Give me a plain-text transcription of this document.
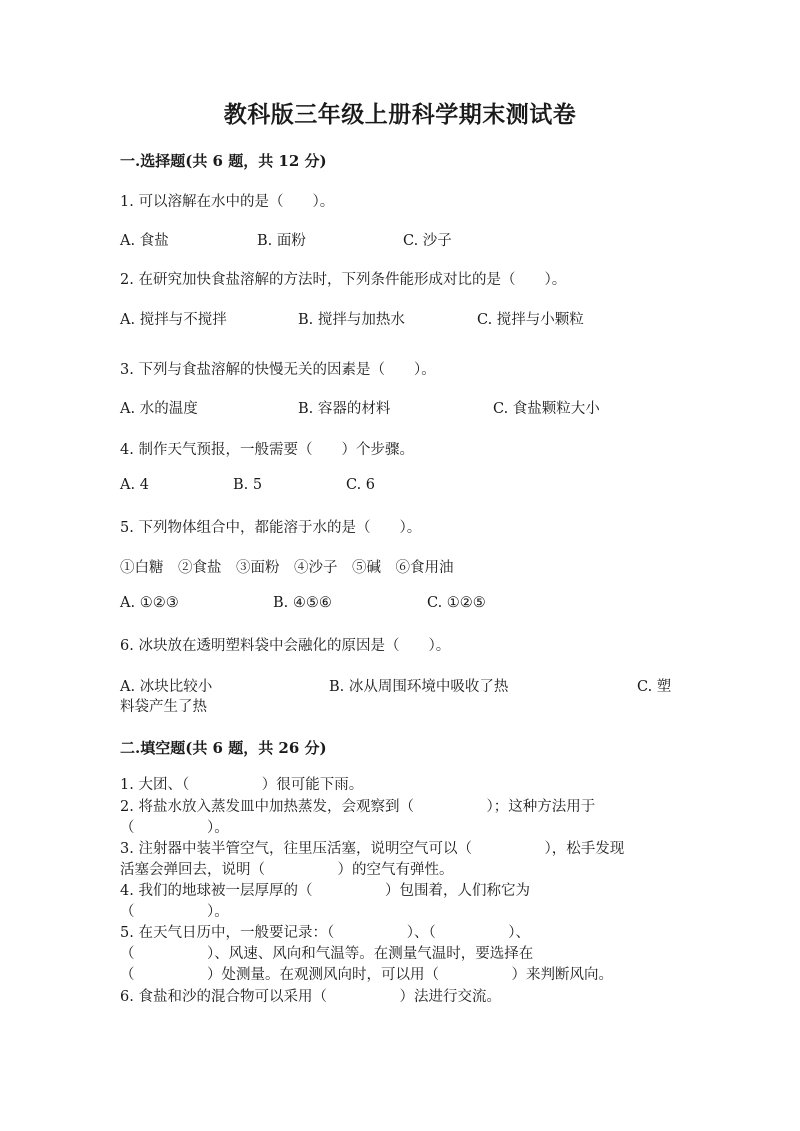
教科版三年级上册科学期末测试卷
一.选择题(共 6 题，共 12 分)
1. 可以溶解在水中的是（　　）。
A. 食盐	B. 面粉	C. 沙子
2. 在研究加快食盐溶解的方法时，下列条件能形成对比的是（　　）。
A. 搅拌与不搅拌	B. 搅拌与加热水	C. 搅拌与小颗粒
3. 下列与食盐溶解的快慢无关的因素是（　　）。
A. 水的温度	B. 容器的材料	C. 食盐颗粒大小
4. 制作天气预报，一般需要（　　）个步骤。
A. 4	B. 5	C. 6
5. 下列物体组合中，都能溶于水的是（　　）。
①白糖　②食盐　③面粉　④沙子　⑤碱　⑥食用油
A. ①②③	B. ④⑤⑥	C. ①②⑤
6. 冰块放在透明塑料袋中会融化的原因是（　　）。
A. 冰块比较小	B. 冰从周围环境中吸收了热	C. 塑
料袋产生了热
二.填空题(共 6 题，共 26 分)
1. 大团、（　　　　　）很可能下雨。
2. 将盐水放入蒸发皿中加热蒸发，会观察到（　　　　　）；这种方法用于
（　　　　　）。
3. 注射器中装半管空气，往里压活塞，说明空气可以（　　　　　），松手发现
活塞会弹回去，说明（　　　　　）的空气有弹性。
4. 我们的地球被一层厚厚的（　　　　　）包围着，人们称它为
（　　　　　）。
5. 在天气日历中，一般要记录：（　　　　　）、（　　　　　）、
（　　　　　）、风速、风向和气温等。在测量气温时，要选择在
（　　　　　）处测量。在观测风向时，可以用（　　　　　）来判断风向。
6. 食盐和沙的混合物可以采用（　　　　　）法进行交流。
